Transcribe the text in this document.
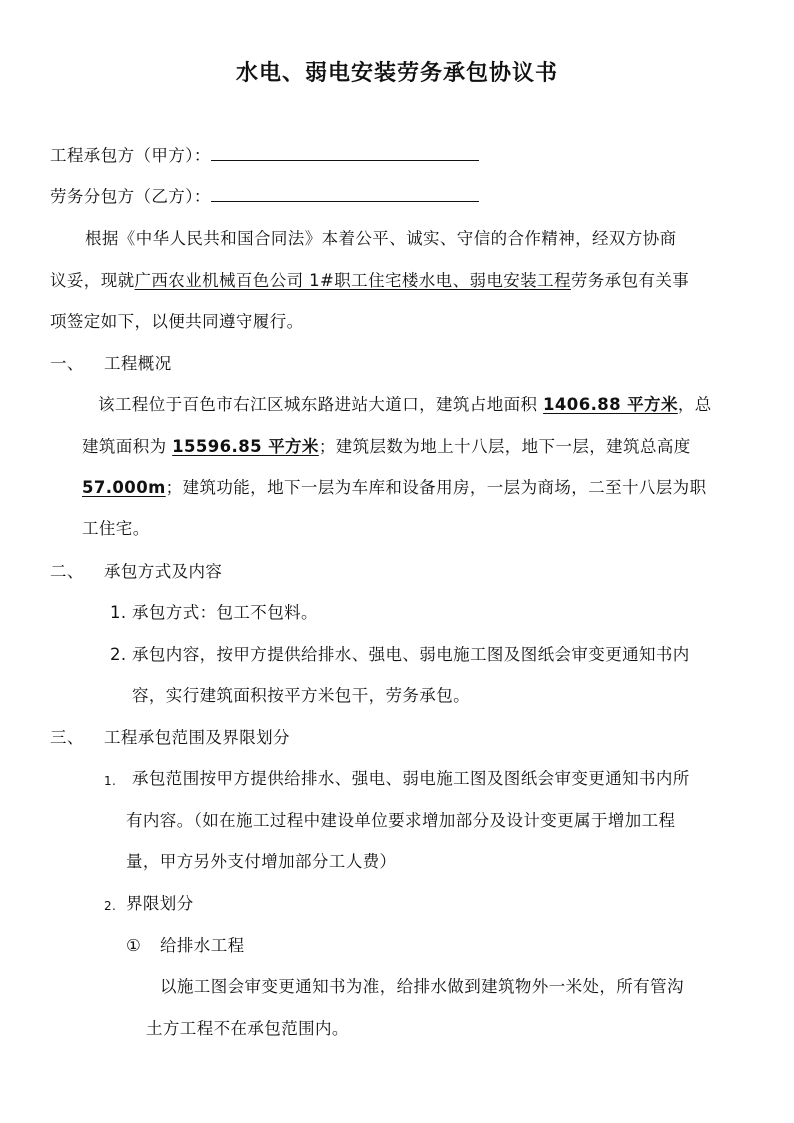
水电、弱电安装劳务承包协议书
工程承包方（甲方）：
劳务分包方（乙方）：
根据《中华人民共和国合同法》本着公平、诚实、守信的合作精神，经双方协商
议妥，现就广西农业机械百色公司 1#职工住宅楼水电、弱电安装工程劳务承包有关事
项签定如下，以便共同遵守履行。
一、 工程概况
该工程位于百色市右江区城东路进站大道口，建筑占地面积 1406.88 平方米，总
建筑面积为 15596.85 平方米；建筑层数为地上十八层，地下一层，建筑总高度
57.000m；建筑功能，地下一层为车库和设备用房，一层为商场，二至十八层为职
工住宅。
二、 承包方式及内容
1. 承包方式：包工不包料。
2. 承包内容，按甲方提供给排水、强电、弱电施工图及图纸会审变更通知书内
容，实行建筑面积按平方米包干，劳务承包。
三、 工程承包范围及界限划分
1. 承包范围按甲方提供给排水、强电、弱电施工图及图纸会审变更通知书内所
有内容。（如在施工过程中建设单位要求增加部分及设计变更属于增加工程
量，甲方另外支付增加部分工人费）
2. 界限划分
① 给排水工程
以施工图会审变更通知书为准，给排水做到建筑物外一米处，所有管沟
土方工程不在承包范围内。
